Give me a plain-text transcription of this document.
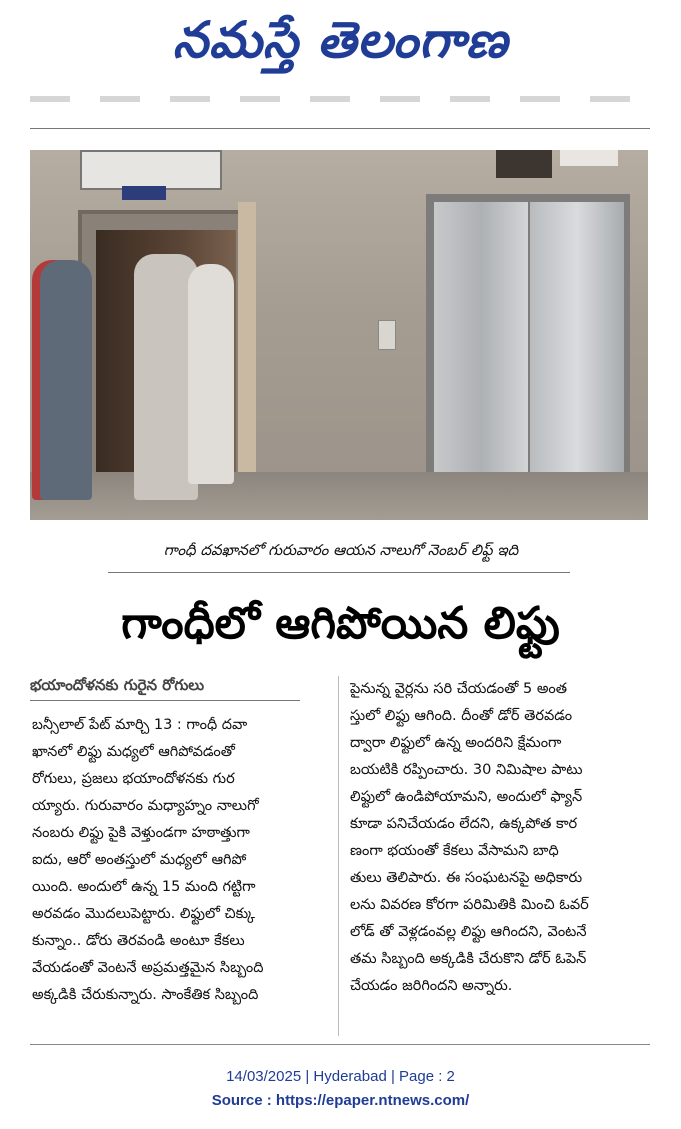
నమస్తే తెలంగాణ
గాంధీ దవఖానలో గురువారం ఆయన నాలుగో నెంబర్ లిఫ్ట్ ఇది
గాంధీలో ఆగిపోయిన లిఫ్టు
భయాందోళనకు గురైన రోగులు
బన్సీలాల్ పేట్ మార్చి 13 : గాంధీ దవా
ఖానలో లిఫ్టు మధ్యలో ఆగిపోవడంతో
రోగులు, ప్రజలు భయాందోళనకు గుర
య్యారు. గురువారం మధ్యాహ్నం నాలుగో
నంబరు లిఫ్టు పైకి వెళ్తుండగా హఠాత్తుగా
ఐదు, ఆరో అంతస్తులో మధ్యలో ఆగిపో
యింది. అందులో ఉన్న 15 మంది గట్టిగా
అరవడం మొదలుపెట్టారు. లిఫ్టులో చిక్కు
కున్నాం.. డోరు తెరవండి అంటూ కేకలు
వేయడంతో వెంటనే అప్రమత్తమైన సిబ్బంది
అక్కడికి చేరుకున్నారు. సాంకేతిక సిబ్బంది
పైనున్న వైర్లను సరి చేయడంతో 5 అంత
స్తులో లిఫ్టు ఆగింది. దీంతో డోర్ తెరవడం
ద్వారా లిఫ్టులో ఉన్న అందరిని క్షేమంగా
బయటికి రప్పించారు. 30 నిమిషాల పాటు
లిఫ్టులో ఉండిపోయామని, అందులో ఫ్యాన్
కూడా పనిచేయడం లేదని, ఉక్కపోత కార
ణంగా భయంతో కేకలు వేసామని బాధి
తులు తెలిపారు. ఈ సంఘటనపై అధికారు
లను వివరణ కోరగా పరిమితికి మించి ఓవర్
లోడ్ తో వెళ్లడంవల్ల లిఫ్టు ఆగిందని, వెంటనే
తమ సిబ్బంది అక్కడికి చేరుకొని డోర్ ఓపెన్
చేయడం జరిగిందని అన్నారు.
14/03/2025 | Hyderabad | Page : 2
Source : https://epaper.ntnews.com/
